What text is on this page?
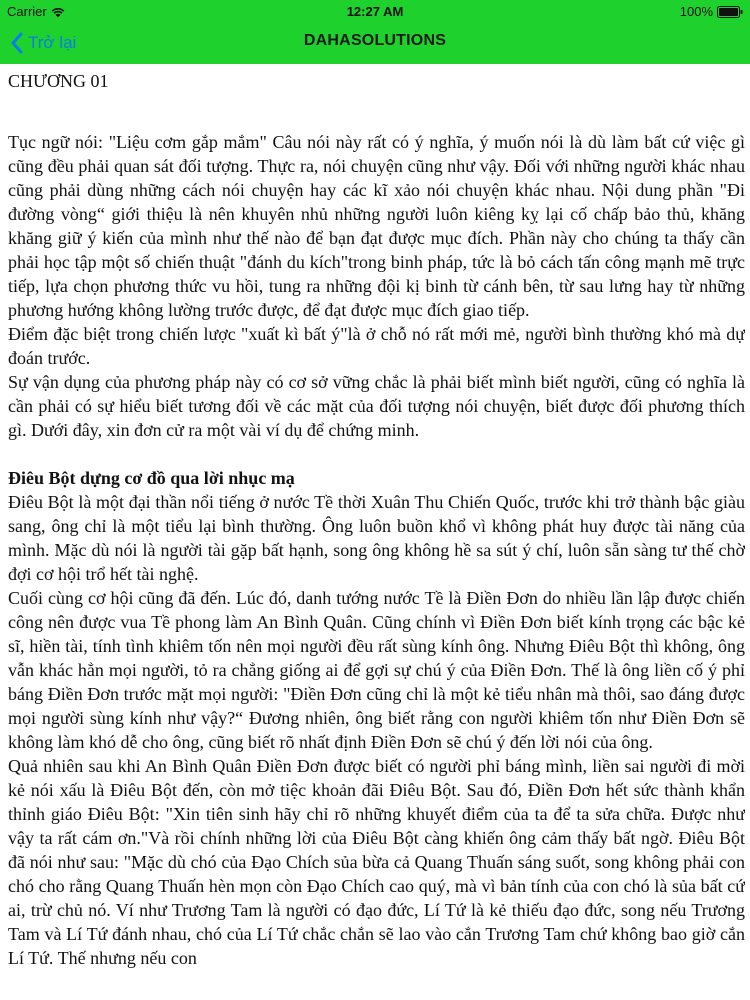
Carrier	12:27 AM	100%
Trở lại	DAHASOLUTIONS
CHƯƠNG 01

Tục ngữ nói: "Liệu cơm gắp mắm" Câu nói này rất có ý nghĩa, ý muốn nói là dù làm bất cứ việc gì cũng đều phải quan sát đối tượng. Thực ra, nói chuyện cũng như vậy. Đối với những người khác nhau cũng phải dùng những cách nói chuyện hay các kĩ xảo nói chuyện khác nhau. Nội dung phần "Đi đường vòng“ giới thiệu là nên khuyên nhủ những người luôn kiêng kỵ lại cố chấp bảo thủ, khăng khăng giữ ý kiến của mình như thế nào để bạn đạt được mục đích. Phần này cho chúng ta thấy cần phải học tập một số chiến thuật "đánh du kích"trong binh pháp, tức là bỏ cách tấn công mạnh mẽ trực tiếp, lựa chọn phương thức vu hồi, tung ra những đội kị binh từ cánh bên, từ sau lưng hay từ những phương hướng không lường trước được, để đạt được mục đích giao tiếp.

Điểm đặc biệt trong chiến lược "xuất kì bất ý"là ở chỗ nó rất mới mẻ, người bình thường khó mà dự đoán trước.

Sự vận dụng của phương pháp này có cơ sở vững chắc là phải biết mình biết người, cũng có nghĩa là cần phải có sự hiểu biết tương đối về các mặt của đối tượng nói chuyện, biết được đối phương thích gì. Dưới đây, xin đơn cử ra một vài ví dụ để chứng minh.

Điêu Bột dựng cơ đồ qua lời nhục mạ

Điêu Bột là một đại thần nổi tiếng ở nước Tề thời Xuân Thu Chiến Quốc, trước khi trở thành bậc giàu sang, ông chỉ là một tiểu lại bình thường. Ông luôn buồn khổ vì không phát huy được tài năng của mình. Mặc dù nói là người tài gặp bất hạnh, song ông không hề sa sút ý chí, luôn sẵn sàng tư thế chờ đợi cơ hội trổ hết tài nghệ.

Cuối cùng cơ hội cũng đã đến. Lúc đó, danh tướng nước Tề là Điền Đơn do nhiều lần lập được chiến công nên được vua Tề phong làm An Bình Quân. Cũng chính vì Điền Đơn biết kính trọng các bậc kẻ sĩ, hiền tài, tính tình khiêm tốn nên mọi người đều rất sùng kính ông. Nhưng Điêu Bột thì không, ông vẫn khác hẳn mọi người, tỏ ra chẳng giống ai để gợi sự chú ý của Điền Đơn. Thế là ông liền cố ý phỉ báng Điền Đơn trước mặt mọi người: "Điền Đơn cũng chỉ là một kẻ tiểu nhân mà thôi, sao đáng được mọi người sùng kính như vậy?“ Đương nhiên, ông biết rằng con người khiêm tốn như Điền Đơn sẽ không làm khó dễ cho ông, cũng biết rõ nhất định Điền Đơn sẽ chú ý đến lời nói của ông.

Quả nhiên sau khi An Bình Quân Điền Đơn được biết có người phỉ báng mình, liền sai người đi mời kẻ nói xấu là Điêu Bột đến, còn mở tiệc khoản đãi Điêu Bột. Sau đó, Điền Đơn hết sức thành khẩn thỉnh giáo Điêu Bột: "Xin tiên sinh hãy chỉ rõ những khuyết điểm của ta để ta sửa chữa. Được như vậy ta rất cám ơn."Và rồi chính những lời của Điêu Bột càng khiến ông cảm thấy bất ngờ. Điêu Bột đã nói như sau: "Mặc dù chó của Đạo Chích sủa bừa cả Quang Thuấn sáng suốt, song không phải con chó cho rằng Quang Thuấn hèn mọn còn Đạo Chích cao quý, mà vì bản tính của con chó là sủa bất cứ ai, trừ chủ nó. Ví như Trương Tam là người có đạo đức, Lí Tứ là kẻ thiếu đạo đức, song nếu Trương Tam và Lí Tứ đánh nhau, chó của Lí Tứ chắc chắn sẽ lao vào cắn Trương Tam chứ không bao giờ cắn Lí Tứ. Thế nhưng nếu con
